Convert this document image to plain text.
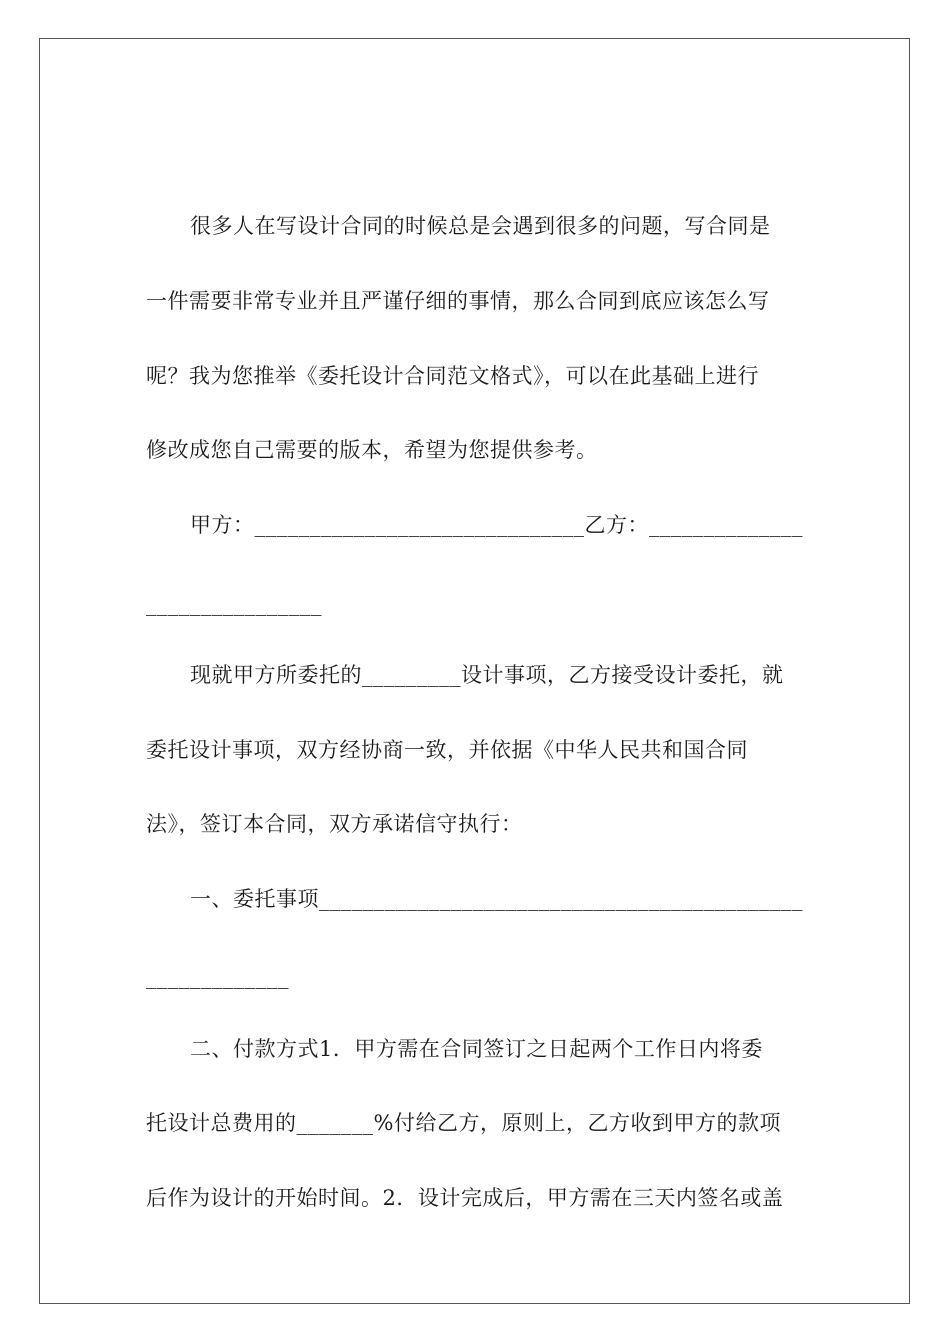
很多人在写设计合同的时候总是会遇到很多的问题，写合同是
一件需要非常专业并且严谨仔细的事情，那么合同到底应该怎么写
呢？我为您推举《委托设计合同范文格式》，可以在此基础上进行
修改成您自己需要的版本，希望为您提供参考。
甲方：______________________________乙方：______________
________________
现就甲方所委托的_________设计事项，乙方接受设计委托，就
委托设计事项，双方经协商一致，并依据《中华人民共和国合同
法》，签订本合同，双方承诺信守执行：
一、委托事项____________________________________________
_____________
二、付款方式1．甲方需在合同签订之日起两个工作日内将委
托设计总费用的_______%付给乙方，原则上，乙方收到甲方的款项
后作为设计的开始时间。2．设计完成后，甲方需在三天内签名或盖
